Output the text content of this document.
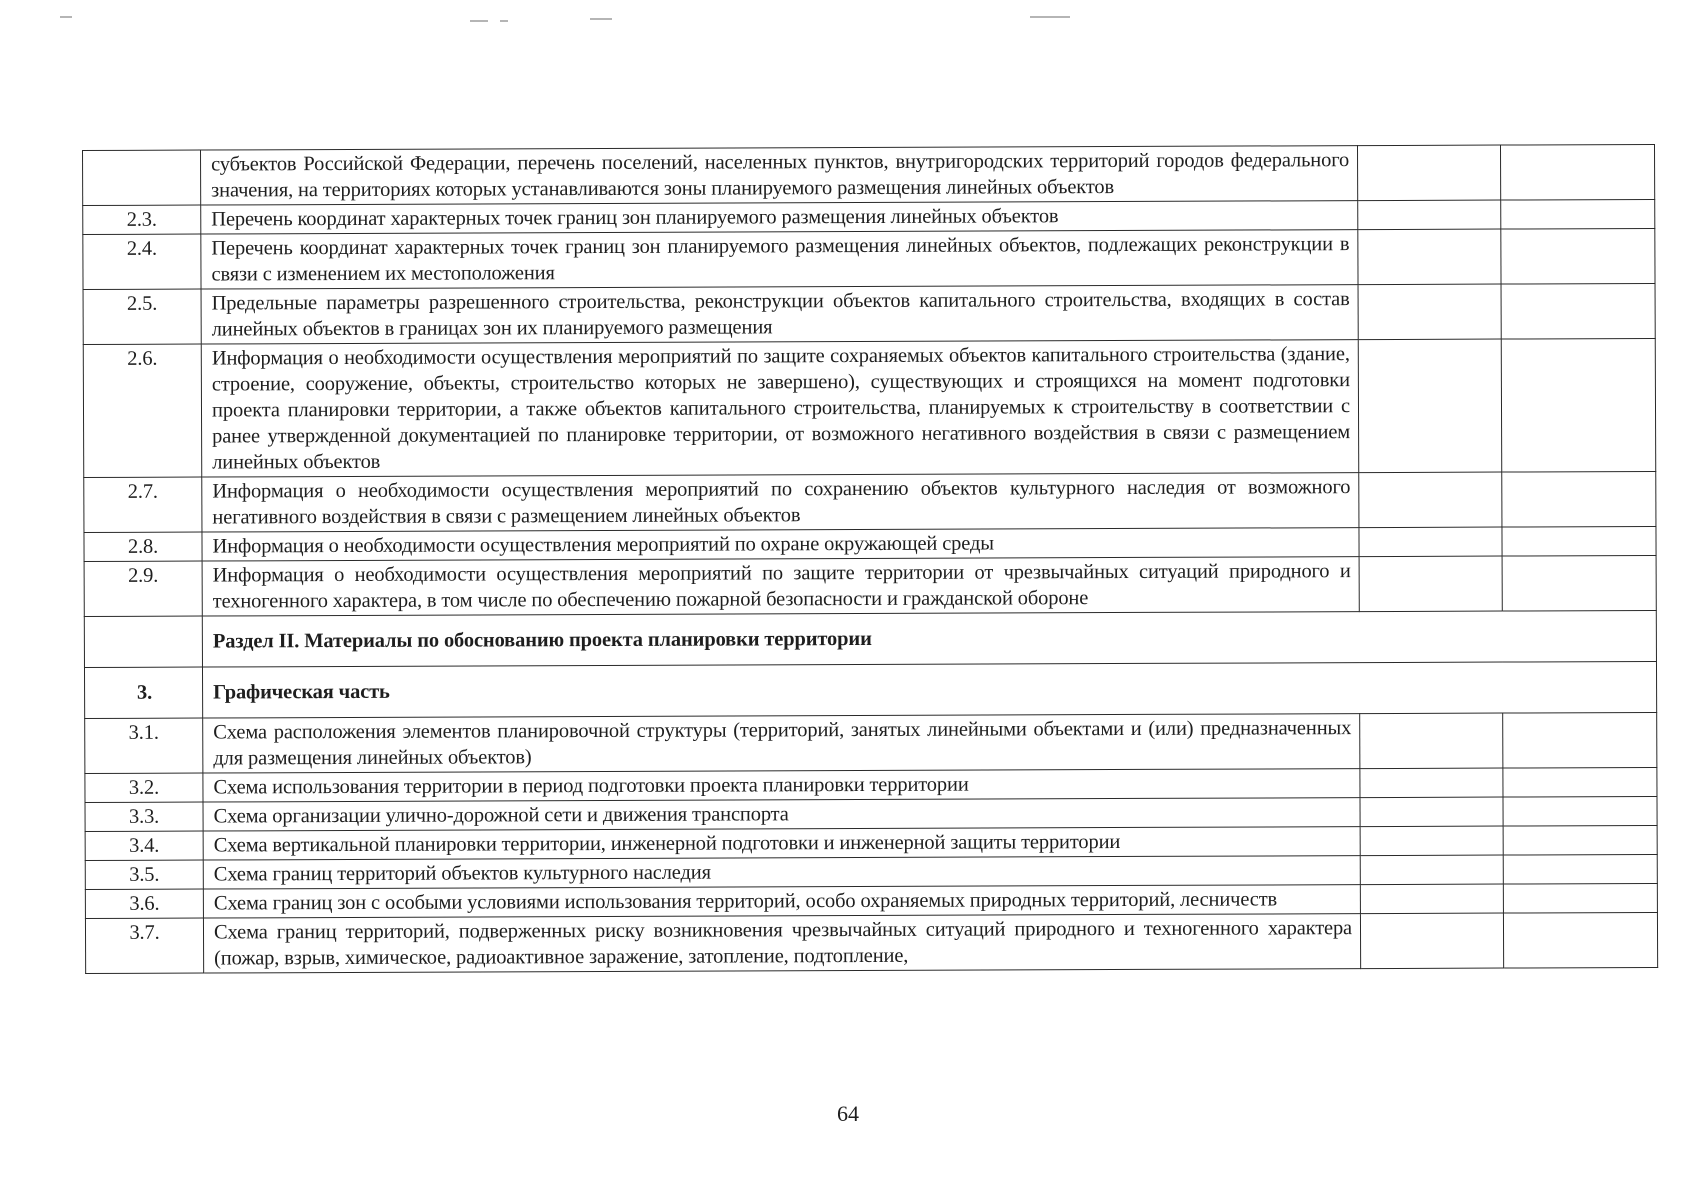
	субъектов Российской Федерации, перечень поселений, населенных пунктов, внутригородских территорий городов федерального значения, на территориях которых устанавливаются зоны планируемого размещения линейных объектов		
2.3.	Перечень координат характерных точек границ зон планируемого размещения линейных объектов		
2.4.	Перечень координат характерных точек границ зон планируемого размещения линейных объектов, подлежащих реконструкции в связи с изменением их местоположения		
2.5.	Предельные параметры разрешенного строительства, реконструкции объектов капитального строительства, входящих в состав линейных объектов в границах зон их планируемого размещения		
2.6.	Информация о необходимости осуществления мероприятий по защите сохраняемых объектов капитального строительства (здание, строение, сооружение, объекты, строительство которых не завершено), существующих и строящихся на момент подготовки проекта планировки территории, а также объектов капитального строительства, планируемых к строительству в соответствии с ранее утвержденной документацией по планировке территории, от возможного негативного воздействия в связи с размещением линейных объектов		
2.7.	Информация о необходимости осуществления мероприятий по сохранению объектов культурного наследия от возможного негативного воздействия в связи с размещением линейных объектов		
2.8.	Информация о необходимости осуществления мероприятий по охране окружающей среды		
2.9.	Информация о необходимости осуществления мероприятий по защите территории от чрезвычайных ситуаций природного и техногенного характера, в том числе по обеспечению пожарной безопасности и гражданской обороне		
	Раздел II. Материалы по обоснованию проекта планировки территории		
3.	Графическая часть		
3.1.	Схема расположения элементов планировочной структуры (территорий, занятых линейными объектами и (или) предназначенных для размещения линейных объектов)		
3.2.	Схема использования территории в период подготовки проекта планировки территории		
3.3.	Схема организации улично-дорожной сети и движения транспорта		
3.4.	Схема вертикальной планировки территории, инженерной подготовки и инженерной защиты территории		
3.5.	Схема границ территорий объектов культурного наследия		
3.6.	Схема границ зон с особыми условиями использования территорий, особо охраняемых природных территорий, лесничеств		
3.7.	Схема границ территорий, подверженных риску возникновения чрезвычайных ситуаций природного и техногенного характера (пожар, взрыв, химическое, радиоактивное заражение, затопление, подтопление,		
64
